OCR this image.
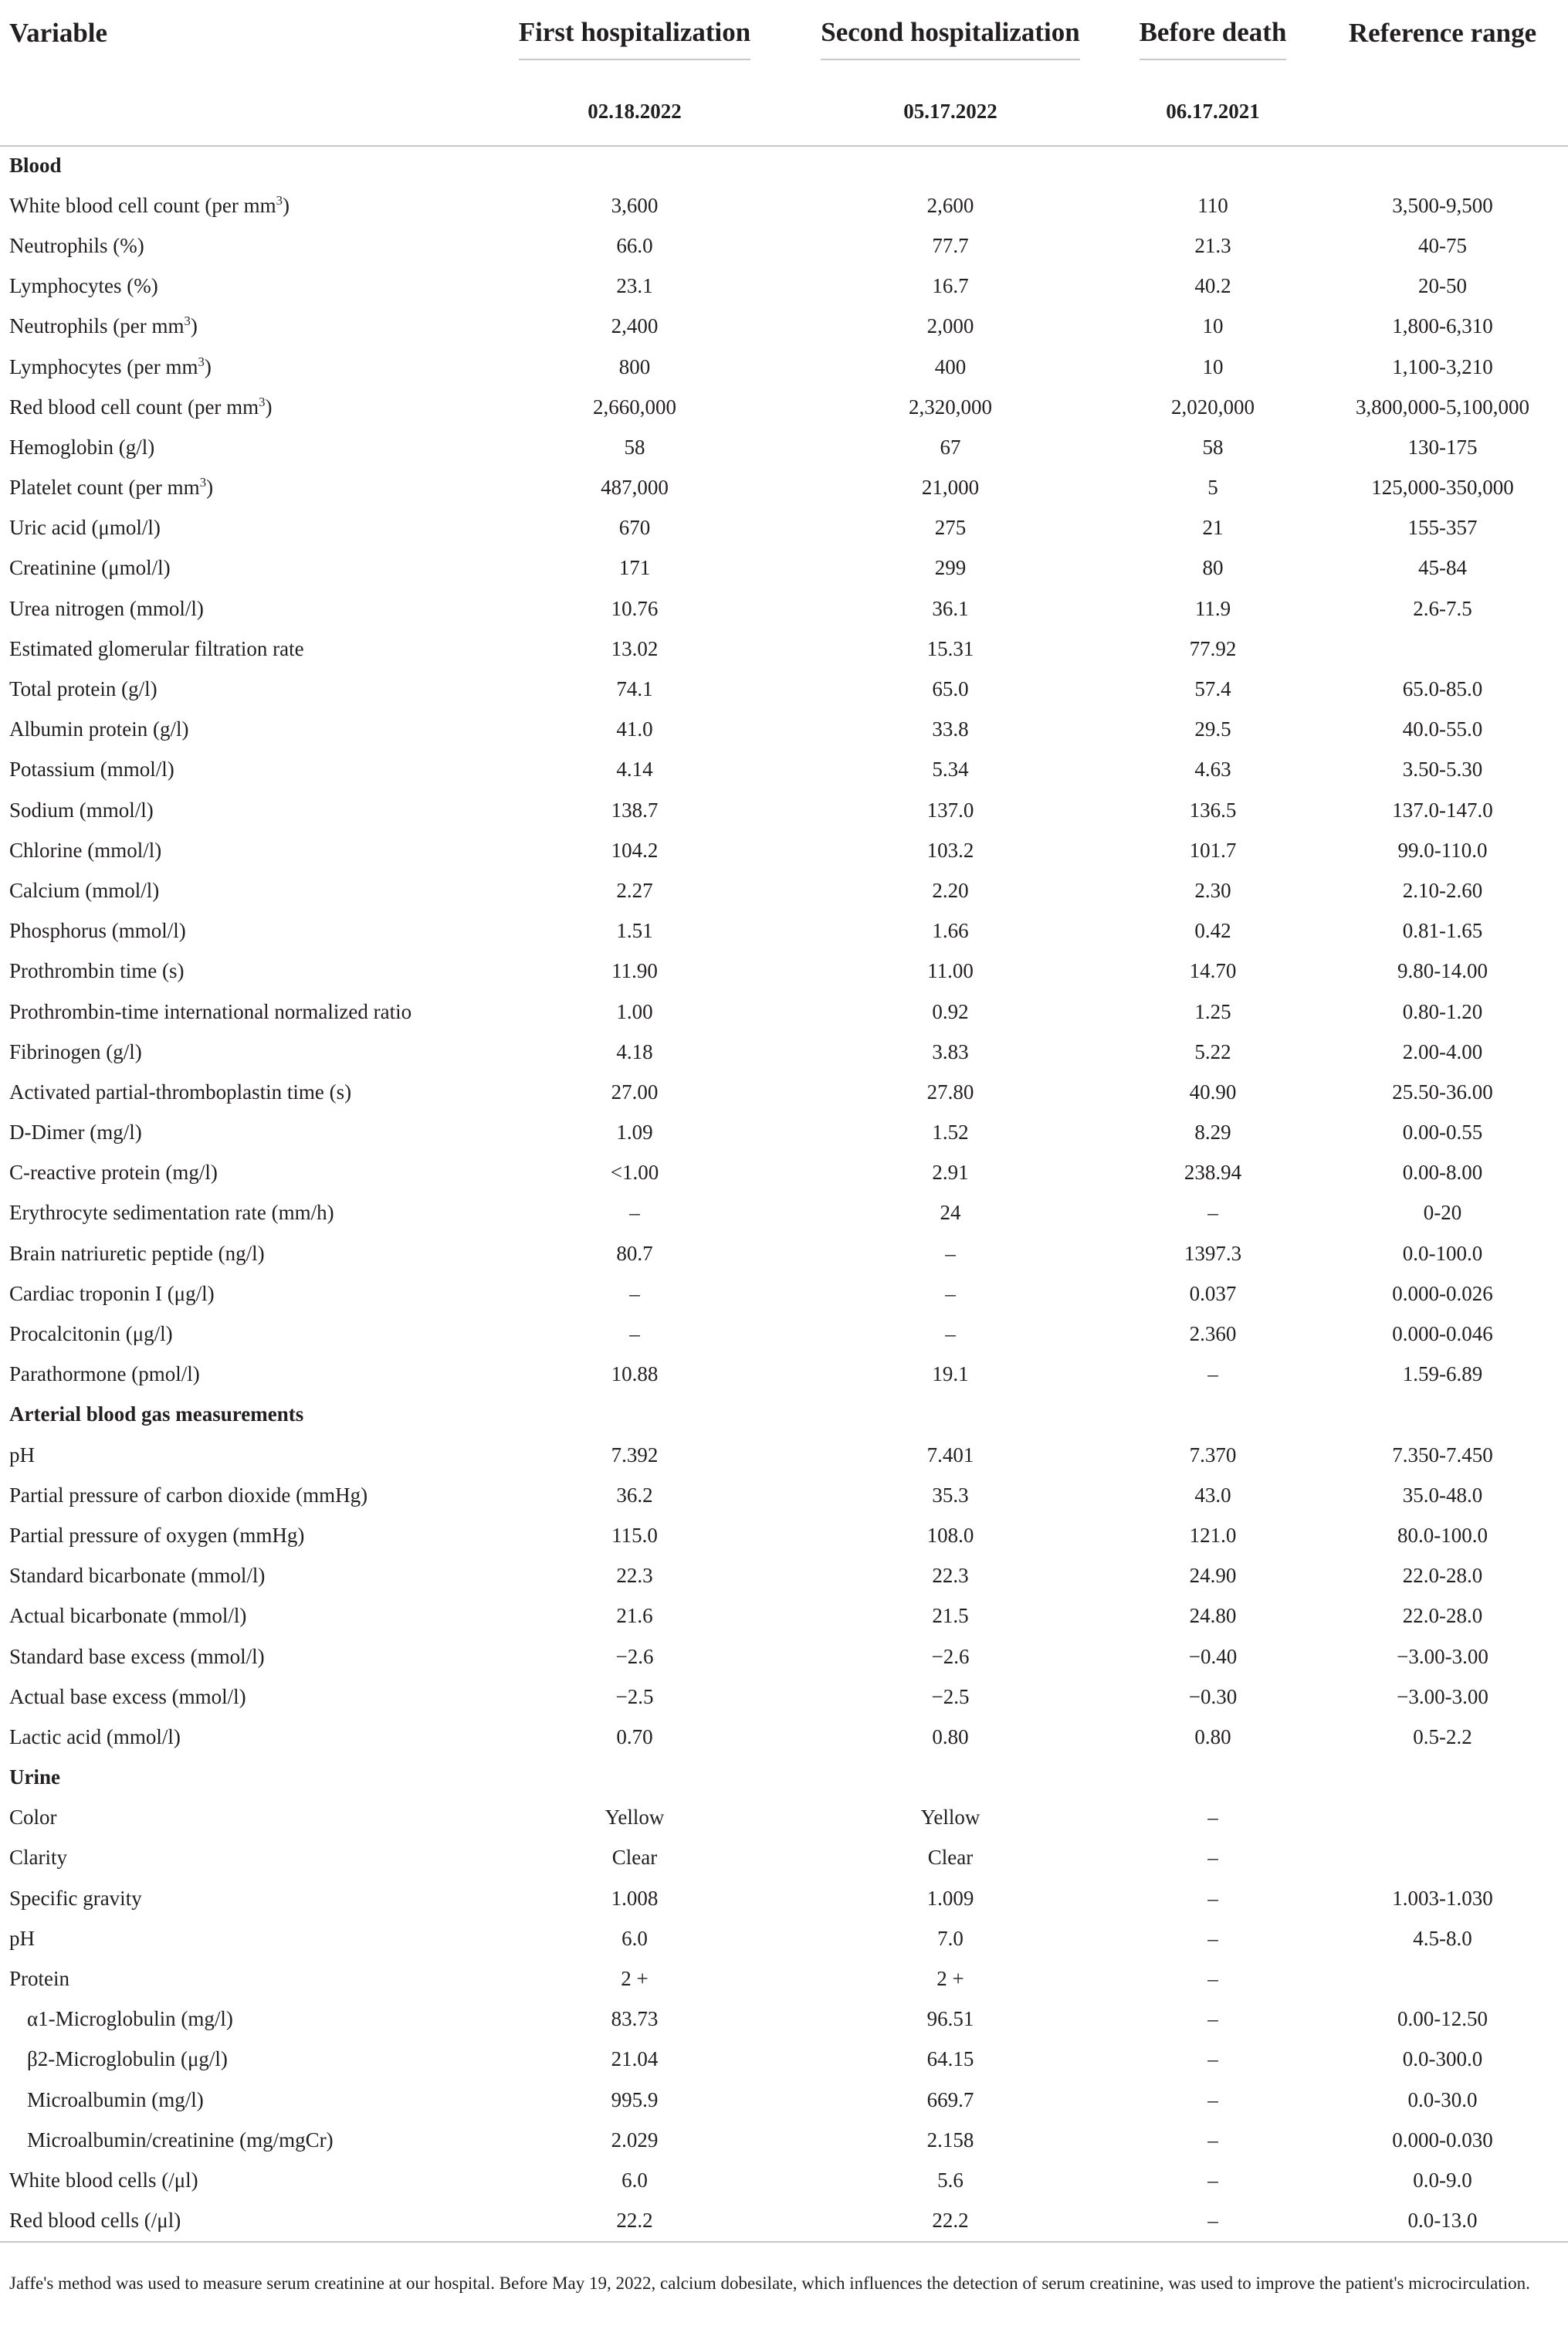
Variable	First hospitalization	Second hospitalization	Before death	Reference range
	02.18.2022	05.17.2022	06.17.2021	
Blood				
White blood cell count (per $mm^3$)	3,600	2,600	110	3,500-9,500
Neutrophils (%)	66.0	77.7	21.3	40-75
Lymphocytes (%)	23.1	16.7	40.2	20-50
Neutrophils (per $mm^3$)	2,400	2,000	10	1,800-6,310
Lymphocytes (per $mm^3$)	800	400	10	1,100-3,210
Red blood cell count (per $mm^3$)	2,660,000	2,320,000	2,020,000	3,800,000-5,100,000
Hemoglobin (g/l)	58	67	58	130-175
Platelet count (per $mm^3$)	487,000	21,000	5	125,000-350,000
Uric acid (μmol/l)	670	275	21	155-357
Creatinine (μmol/l)	171	299	80	45-84
Urea nitrogen (mmol/l)	10.76	36.1	11.9	2.6-7.5
Estimated glomerular filtration rate	13.02	15.31	77.92	
Total protein (g/l)	74.1	65.0	57.4	65.0-85.0
Albumin protein (g/l)	41.0	33.8	29.5	40.0-55.0
Potassium (mmol/l)	4.14	5.34	4.63	3.50-5.30
Sodium (mmol/l)	138.7	137.0	136.5	137.0-147.0
Chlorine (mmol/l)	104.2	103.2	101.7	99.0-110.0
Calcium (mmol/l)	2.27	2.20	2.30	2.10-2.60
Phosphorus (mmol/l)	1.51	1.66	0.42	0.81-1.65
Prothrombin time (s)	11.90	11.00	14.70	9.80-14.00
Prothrombin-time international normalized ratio	1.00	0.92	1.25	0.80-1.20
Fibrinogen (g/l)	4.18	3.83	5.22	2.00-4.00
Activated partial-thromboplastin time (s)	27.00	27.80	40.90	25.50-36.00
D-Dimer (mg/l)	1.09	1.52	8.29	0.00-0.55
C-reactive protein (mg/l)	<1.00	2.91	238.94	0.00-8.00
Erythrocyte sedimentation rate (mm/h)	–	24	–	0-20
Brain natriuretic peptide (ng/l)	80.7	–	1397.3	0.0-100.0
Cardiac troponin I (μg/l)	–	–	0.037	0.000-0.026
Procalcitonin (μg/l)	–	–	2.360	0.000-0.046
Parathormone (pmol/l)	10.88	19.1	–	1.59-6.89
Arterial blood gas measurements				
pH	7.392	7.401	7.370	7.350-7.450
Partial pressure of carbon dioxide (mmHg)	36.2	35.3	43.0	35.0-48.0
Partial pressure of oxygen (mmHg)	115.0	108.0	121.0	80.0-100.0
Standard bicarbonate (mmol/l)	22.3	22.3	24.90	22.0-28.0
Actual bicarbonate (mmol/l)	21.6	21.5	24.80	22.0-28.0
Standard base excess (mmol/l)	−2.6	−2.6	−0.40	−3.00-3.00
Actual base excess (mmol/l)	−2.5	−2.5	−0.30	−3.00-3.00
Lactic acid (mmol/l)	0.70	0.80	0.80	0.5-2.2
Urine				
Color	Yellow	Yellow	–	
Clarity	Clear	Clear	–	
Specific gravity	1.008	1.009	–	1.003-1.030
pH	6.0	7.0	–	4.5-8.0
Protein	2 +	2 +	–	
α1-Microglobulin (mg/l)	83.73	96.51	–	0.00-12.50
β2-Microglobulin (μg/l)	21.04	64.15	–	0.0-300.0
Microalbumin (mg/l)	995.9	669.7	–	0.0-30.0
Microalbumin/creatinine (mg/mgCr)	2.029	2.158	–	0.000-0.030
White blood cells (/μl)	6.0	5.6	–	0.0-9.0
Red blood cells (/μl)	22.2	22.2	–	0.0-13.0
Jaffe's method was used to measure serum creatinine at our hospital. Before May 19, 2022, calcium dobesilate, which influences the detection of serum creatinine, was used to improve the patient's microcirculation.
